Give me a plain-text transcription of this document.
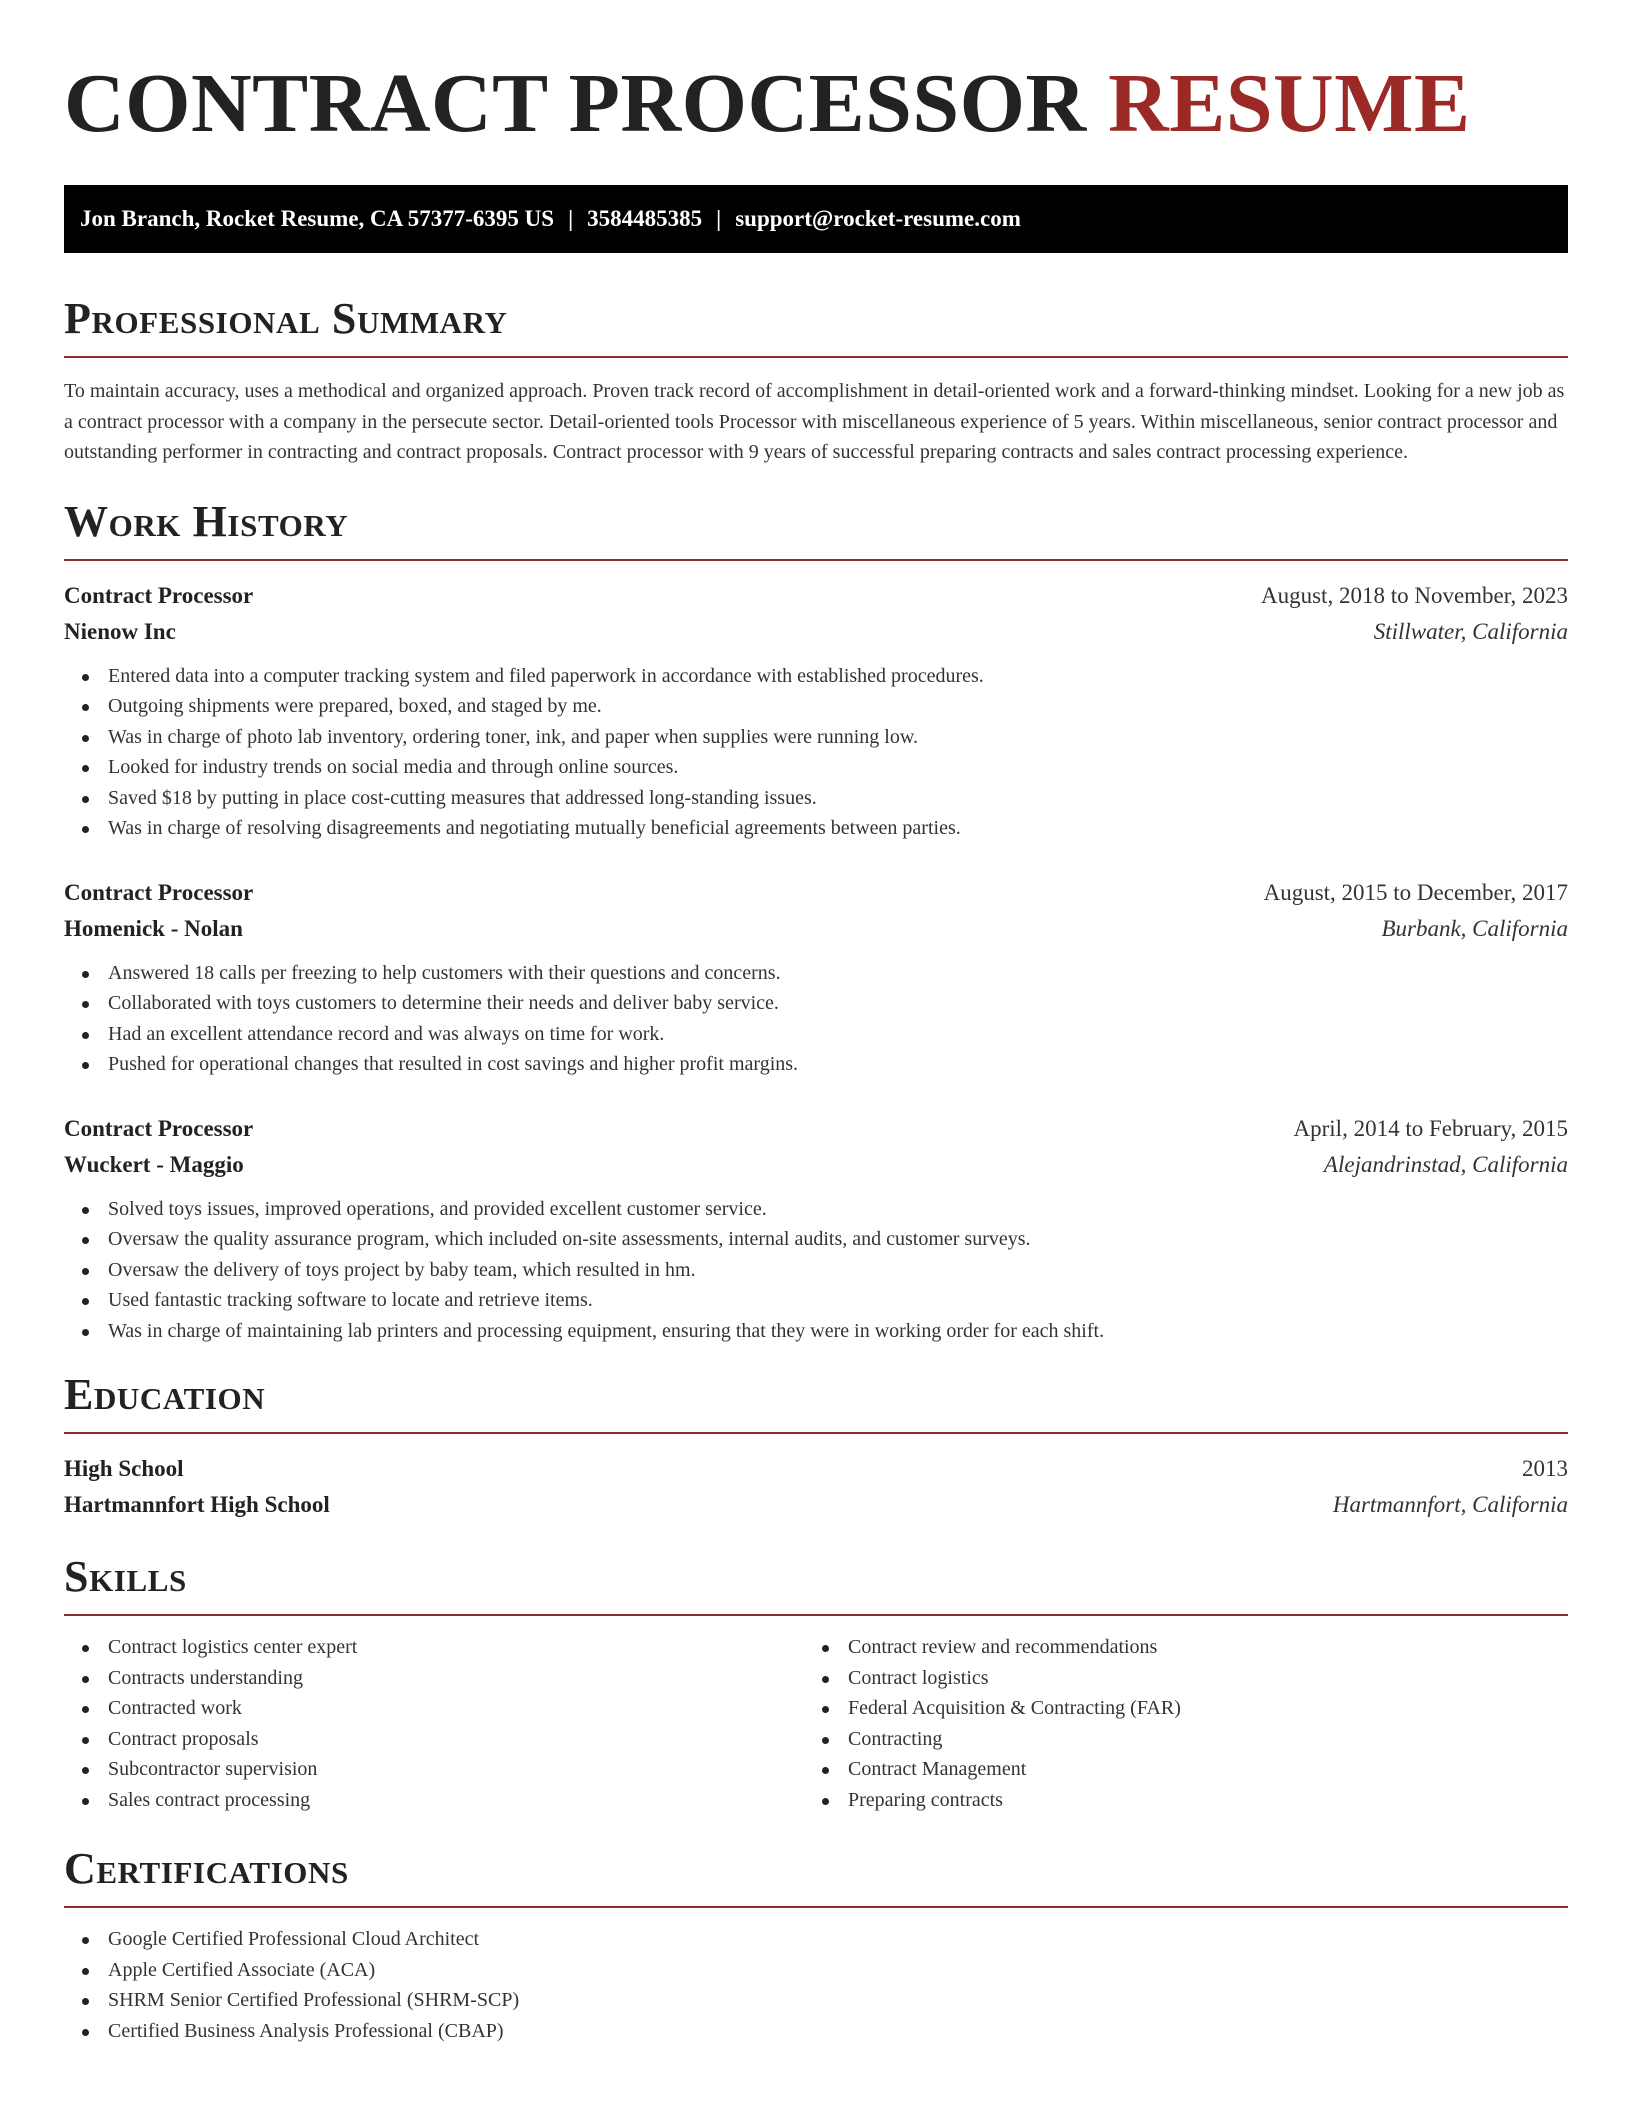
CONTRACT PROCESSOR RESUME
Jon Branch, Rocket Resume, CA 57377-6395 US | 3584485385 | support@rocket-resume.com
Professional Summary

To maintain accuracy, uses a methodical and organized approach. Proven track record of accomplishment in detail-oriented work and a forward-thinking mindset. Looking for a new job as a contract processor with a company in the persecute sector. Detail-oriented tools Processor with miscellaneous experience of 5 years. Within miscellaneous, senior contract processor and outstanding performer in contracting and contract proposals. Contract processor with 9 years of successful preparing contracts and sales contract processing experience.

Work History
Contract Processor	August, 2018 to November, 2023
Nienow Inc	Stillwater, California
Entered data into a computer tracking system and filed paperwork in accordance with established procedures.
Outgoing shipments were prepared, boxed, and staged by me.
Was in charge of photo lab inventory, ordering toner, ink, and paper when supplies were running low.
Looked for industry trends on social media and through online sources.
Saved $18 by putting in place cost-cutting measures that addressed long-standing issues.
Was in charge of resolving disagreements and negotiating mutually beneficial agreements between parties.
Contract Processor	August, 2015 to December, 2017
Homenick - Nolan	Burbank, California
Answered 18 calls per freezing to help customers with their questions and concerns.
Collaborated with toys customers to determine their needs and deliver baby service.
Had an excellent attendance record and was always on time for work.
Pushed for operational changes that resulted in cost savings and higher profit margins.
Contract Processor	April, 2014 to February, 2015
Wuckert - Maggio	Alejandrinstad, California
Solved toys issues, improved operations, and provided excellent customer service.
Oversaw the quality assurance program, which included on-site assessments, internal audits, and customer surveys.
Oversaw the delivery of toys project by baby team, which resulted in hm.
Used fantastic tracking software to locate and retrieve items.
Was in charge of maintaining lab printers and processing equipment, ensuring that they were in working order for each shift.
Education
High School	2013
Hartmannfort High School	Hartmannfort, California
Skills
Contract logistics center expert
Contracts understanding
Contracted work
Contract proposals
Subcontractor supervision
Sales contract processing
Contract review and recommendations
Contract logistics
Federal Acquisition & Contracting (FAR)
Contracting
Contract Management
Preparing contracts
Certifications
Google Certified Professional Cloud Architect
Apple Certified Associate (ACA)
SHRM Senior Certified Professional (SHRM-SCP)
Certified Business Analysis Professional (CBAP)
